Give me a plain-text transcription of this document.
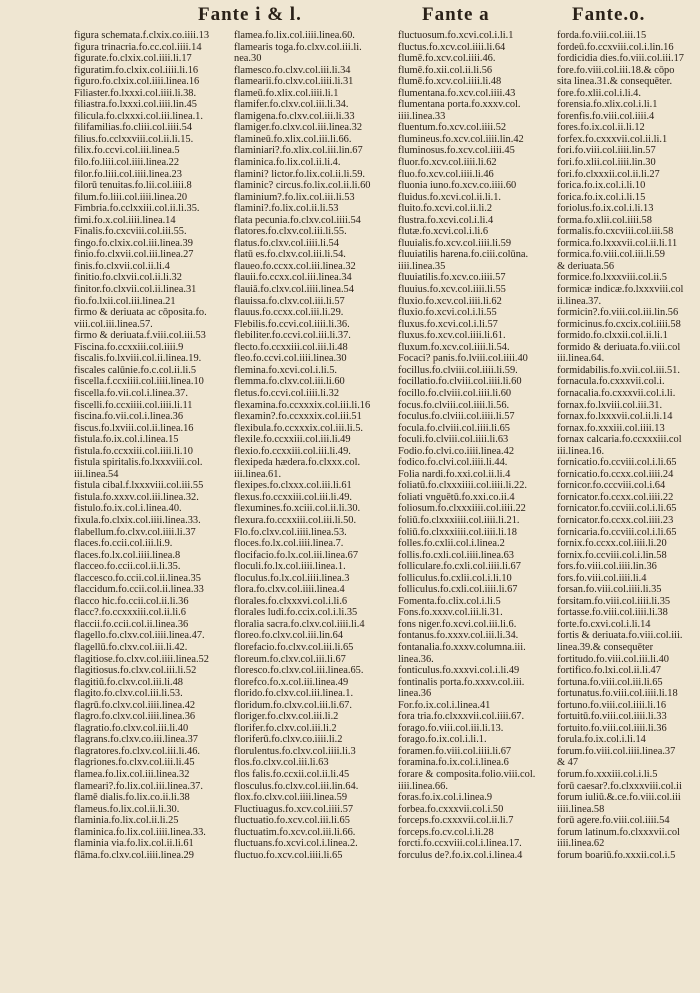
Fante i & l.	Fante a	Fante.o.
figura schemata.f.clxix.co.iiii.13
figura trinacria.fo.cc.col.iiii.14
figurate.fo.clxix.col.iiii.li.17
figuratim.fo.clxix.col.iiii.li.16
figuro.fo.clxix.col.iiii.linea.16
Filiaster.fo.lxxxi.col.iiii.li.38.
filiastra.fo.lxxxi.col.iiii.lin.45
filicula.fo.clxxxi.col.iii.linea.1.
filifamilias.fo.cliii.col.iiii.54
filius.fo.cclxxviii.col.ii.li.15.
filix.fo.ccvi.col.iii.linea.5
filo.fo.liii.col.iiii.linea.22
filor.fo.liii.col.iiii.linea.23
filorū tenuitas.fo.lii.col.iiii.8
filum.fo.liii.col.iiii.linea.20
Fimbria.fo.cclxxiii.col.ii.li.35.
fimi.fo.x.col.iiii.linea.14
Finalis.fo.cxcviii.col.iii.55.
fingo.fo.clxix.col.iii.linea.39
finio.fo.clxvii.col.iii.linea.27
finis.fo.clxvii.col.ii.li.4
finitio.fo.clxvii.col.ii.li.32
finitor.fo.clxvii.col.ii.linea.31
fio.fo.lxii.col.iii.linea.21
firmo & deriuata ac cōposita.fo.
viii.col.iii.linea.57.
firmo & deriuata.f.viii.col.iii.53
Fiscina.fo.ccxxiii.col.iiii.9
fiscalis.fo.lxviii.col.ii.linea.19.
fiscales calūnie.fo.c.col.ii.li.5
fiscella.f.ccxiiii.col.iiii.linea.10
fiscella.fo.vii.col.i.linea.37.
fiscelli.fo.ccxiiii.col.iiii.li.11
fiscina.fo.vii.col.i.linea.36
fiscus.fo.lxviii.col.ii.linea.16
fistula.fo.ix.col.i.linea.15
fistula.fo.ccxxiii.col.iiii.li.10
fistula spiritalis.fo.lxxxviii.col.
iii.linea.54
fistula cibal.f.lxxxviii.col.iii.55
fistula.fo.xxxv.col.iii.linea.32.
fistulo.fo.ix.col.i.linea.40.
fixula.fo.clxix.col.iiii.linea.33.
flabellum.fo.clxv.col.iiii.li.37
flaces.fo.ccii.col.iii.li.9.
flaces.fo.lx.col.iiii.linea.8
flacceo.fo.ccii.col.ii.li.35.
flaccesco.fo.ccii.col.ii.linea.35
flaccidum.fo.ccii.col.ii.linea.33
flacco hic.fo.ccii.col.ii.li.36
flacc?.fo.ccxxxiii.col.ii.li.6
flaccii.fo.ccii.col.ii.linea.36
flagello.fo.clxv.col.iiii.linea.47.
flagellū.fo.clxv.col.iii.li.42.
flagitiose.fo.clxv.col.iiii.linea.52
flagitiosus.fo.clxv.col.iii.li.52
flagitiū.fo.clxv.col.iii.li.48
flagito.fo.clxv.col.iii.li.53.
flagrū.fo.clxv.col.iiii.linea.42
flagro.fo.clxv.col.iiii.linea.36
flagratio.fo.clxv.col.iii.li.40
flagrans.fo.clxv.co.iii.linea.37
flagratores.fo.clxv.col.iii.li.46.
flagriones.fo.clxv.col.iii.li.45
flamea.fo.lix.col.iii.linea.32
flameari?.fo.lix.col.iii.linea.37.
flamē dialis.fo.lix.co.ii.li.38
flameus.fo.lix.col.ii.li.30.
flaminia.fo.lix.col.ii.li.25
flaminica.fo.lix.col.iiii.linea.33.
flaminia via.fo.lix.col.ii.li.61
flāma.fo.clxv.col.iiii.linea.29
flamea.fo.lix.col.iiii.linea.60.
flamearis toga.fo.clxv.col.iii.li.
nea.30
flamesco.fo.clxv.col.iii.li.34
flamearii.fo.clxv.col.iiii.li.31
flameū.fo.xlix.col.iiii.li.1
flamifer.fo.clxv.col.iii.li.34.
flamigena.fo.clxv.col.iii.li.33
flamiger.fo.clxv.col.iii.linea.32
flamineū.fo.xlix.col.iii.li.66.
flaminiari?.fo.xlix.col.iii.lin.67
flaminica.fo.lix.col.ii.li.4.
flamini? lictor.fo.lix.col.ii.li.59.
flaminic? circus.fo.lix.col.ii.li.60
flaminium?.fo.lix.col.iii.li.53
flamini?.fo.lix.col.ii.li.53
flata pecunia.fo.clxv.col.iiii.54
flatores.fo.clxv.col.iii.li.55.
flatus.fo.clxv.col.iiii.li.54
flatū es.fo.clxv.col.iii.li.54.
flaueo.fo.ccxx.col.iii.linea.32
flauii.fo.ccxx.col.iii.linea.34
flauiā.fo.clxv.col.iiii.linea.54
flauissa.fo.clxv.col.iii.li.57
flauus.fo.ccxx.col.iii.li.29.
Flebilis.fo.ccvi.col.iiii.li.36.
flebiliter.fo.ccvi.col.iii.li.37.
flecto.fo.ccxxiii.col.iii.li.48
fleo.fo.ccvi.col.iiii.linea.30
flemina.fo.xcvi.col.i.li.5.
flemma.fo.clxv.col.iii.li.60
fletus.fo.ccvi.col.iiii.li.32
flexamina.fo.ccxxxix.col.iii.li.16
flexamin?.fo.ccxxxix.col.iii.51
flexibula.fo.ccxxxix.col.iii.li.5.
flexile.fo.ccxxiii.col.iii.li.49
flexio.fo.ccxxiii.col.iii.li.49.
flexipeda hædera.fo.clxxx.col.
iii.linea.61.
flexipes.fo.clxxx.col.iii.li.61
flexus.fo.ccxxiii.col.iii.li.49.
flexumines.fo.xciii.col.ii.li.30.
flexura.fo.ccxxiii.col.iii.li.50.
Flo.fo.clxv.col.iiii.linea.53.
floces.fo.lx.col.iiii.linea.7.
flocifacio.fo.lx.col.iii.linea.67
floculi.fo.lx.col.iiii.linea.1.
floculus.fo.lx.col.iiii.linea.3
flora.fo.clxv.col.iiii.linea.4
florales.fo.clxxxvi.col.i.li.6
florales ludi.fo.ccix.col.i.li.35
floralia sacra.fo.clxv.col.iiii.li.4
floreo.fo.clxv.col.iii.lin.64
florefacio.fo.clxv.col.iii.li.65
floreum.fo.clxv.col.iii.li.67
floresco.fo.clxv.col.iii.linea.65.
florefco.fo.x.col.iii.linea.49
florido.fo.clxv.col.iii.linea.1.
floridum.fo.clxv.col.iii.li.67.
floriger.fo.clxv.col.iii.li.2
florifer.fo.clxv.col.iii.li.2
floriferū.fo.clxv.co.iiii.li.2
florulentus.fo.clxv.col.iiii.li.3
flos.fo.clxv.col.iii.li.63
flos falis.fo.ccxii.col.ii.li.45
flosculus.fo.clxv.col.iii.lin.64.
flox.fo.clxv.col.iiii.linea.59
Fluctiuagus.fo.xcv.col.iiii.57
fluctuatio.fo.xcv.col.iii.li.65
fluctuatim.fo.xcv.col.iii.li.66.
fluctuans.fo.xcvi.col.i.linea.2.
fluctuo.fo.xcv.col.iiii.li.65
fluctuosum.fo.xcvi.col.i.li.1
fluctus.fo.xcv.col.iiii.li.64
flumē.fo.xcv.col.iiii.46.
flumē.fo.xii.col.ii.li.56
flumē.fo.xcv.col.iiii.li.48
flumentana.fo.xcv.col.iiii.43
flumentana porta.fo.xxxv.col.
iiii.linea.33
fluentum.fo.xcv.col.iiii.52
flumineus.fo.xcv.col.iiii.lin.42
fluminosus.fo.xcv.col.iiii.45
fluor.fo.xcv.col.iiii.li.62
fluo.fo.xcv.col.iiii.li.46
fluonia iuno.fo.xcv.co.iiii.60
fluidus.fo.xcvi.col.ii.li.1.
fluito.fo.xcvi.col.ii.li.2
flustra.fo.xcvi.col.i.li.4
flutæ.fo.xcvi.col.i.li.6
fluuialis.fo.xcv.col.iiii.li.59
fluuiatilis harena.fo.ciii.colūna.
iiii.linea.35
fluuiatilis.fo.xcv.co.iiii.57
fluuius.fo.xcv.col.iiii.li.55
fluxio.fo.xcv.col.iiii.li.62
fluxio.fo.xcvi.col.i.li.55
fluxus.fo.xcvi.col.i.li.57
fluxus.fo.xcv.col.iiii.li.61.
fluxum.fo.xcv.col.iiii.li.54.
Focaci? panis.fo.lviii.col.iiii.40
focillus.fo.clviii.col.iiii.li.59.
focillatio.fo.clviii.col.iiii.li.60
focillo.fo.clviii.col.iiii.li.60
focus.fo.clviii.col.iiii.li.56.
foculus.fo.clviii.col.iiii.li.57
focula.fo.clviii.col.iiii.li.65
foculi.fo.clviii.col.iiii.li.63
Fodio.fo.clvi.co.iiii.linea.42
fodico.fo.clvi.col.iiii.li.44.
Folia nardi.fo.xxi.col.ii.li.4
foliatū.fo.clxxxiiii.col.iiii.li.22.
foliati vnguētū.fo.xxi.co.ii.4
foliosum.fo.clxxxiiii.col.iiii.22
foliū.fo.clxxxiiii.col.iiii.li.21.
foliū.fo.clxxxiiii.col.iiii.li.18
folles.fo.cxlii.col.i.linea.2
follis.fo.cxli.col.iiii.linea.63
folliculare.fo.cxli.col.iiii.li.67
folliculus.fo.cxlii.col.i.li.10
folliculus.fo.cxli.col.iiii.li.67
Fomenta.fo.clix.col.i.li.5
Fons.fo.xxxv.col.iii.li.31.
fons niger.fo.xcvi.col.iii.li.6.
fontanus.fo.xxxv.col.iii.li.34.
fontanalia.fo.xxxv.columna.iii.
linea.36.
fonticulus.fo.xxxvi.col.i.li.49
fontinalis porta.fo.xxxv.col.iii.
linea.36
For.fo.ix.col.i.linea.41
fora tria.fo.clxxxvii.col.iiii.67.
forago.fo.viii.col.iii.li.13.
forago.fo.ix.col.i.li.1.
foramen.fo.viii.col.iiii.li.67
foramina.fo.ix.col.i.linea.6
forare & composita.folio.viii.col.
iiii.linea.66.
foras.fo.ix.col.i.linea.9
forbea.fo.cxxxvii.col.i.50
forceps.fo.cxxxvii.col.ii.li.7
forceps.fo.cv.col.i.li.28
forcti.fo.ccxviii.col.i.linea.17.
forculus de?.fo.ix.col.i.linea.4
forda.fo.viii.col.iii.15
fordeū.fo.ccxviii.col.i.lin.16
fordicidia dies.fo.viii.col.iii.17
fore.fo.viii.col.iii.18.& cōpo
sita linea.31.& consequēter.
fore.fo.xlii.col.i.li.4.
forensia.fo.xlix.col.i.li.1
forenfis.fo.viii.col.iiii.4
fores.fo.ix.col.ii.li.12
forfex.fo.cxxxvii.col.ii.li.1
fori.fo.viii.col.iiii.lin.57
fori.fo.xlii.col.iiii.lin.30
fori.fo.clxxxii.col.ii.li.27
forica.fo.ix.col.i.li.10
forica.fo.ix.col.i.li.15
foriolus.fo.ix.col.i.li.13
forma.fo.xlii.col.iiii.58
formalis.fo.cxcviii.col.iii.58
formica.fo.lxxxvii.col.ii.li.11
formica.fo.viii.col.iii.li.59
& deriuata.56
formice.fo.lxxxviii.col.ii.5
formicæ indicæ.fo.lxxxviii.col
ii.linea.37.
formicin?.fo.viii.col.iii.lin.56
formicinus.fo.cxcix.col.iiii.58
formido.fo.clxxii.col.ii.li.1
formido & deriuata.fo.viii.col
iii.linea.64.
formidabilis.fo.xvii.col.iii.51.
fornacula.fo.cxxxvii.col.i.
fornacalia.fo.cxxxvii.col.i.li.
fornax.fo.lxviii.col.iii.31.
fornax.fo.lxxxvii.col.ii.li.14
fornax.fo.xxxiii.col.iiii.13
fornax calcaria.fo.ccxxxiii.col
iii.linea.16.
fornicatio.fo.ccviii.col.i.li.65
fornicatio.fo.ccxx.col.iiii.24
fornicor.fo.cccviii.col.i.64
fornicator.fo.ccxx.col.iiii.22
fornicator.fo.ccviii.col.i.li.65
fornicator.fo.ccxx.col.iiii.23
fornicaria.fo.ccviii.col.i.li.65
fornix.fo.ccxx.col.iiii.li.20
fornix.fo.ccviii.col.i.lin.58
fors.fo.viii.col.iiii.lin.36
fors.fo.viii.col.iiii.li.4
forsan.fo.viii.col.iiii.li.35
forsitam.fo.viii.col.iiii.li.35
fortasse.fo.viii.col.iiii.li.38
forte.fo.cxvi.col.i.li.14
fortis & deriuata.fo.viii.col.iii.
linea.39.& consequēter
fortitudo.fo.viii.col.iii.li.40
fortifico.fo.lxi.col.ii.li.47
fortuna.fo.viii.col.iii.li.65
fortunatus.fo.viii.col.iiii.li.18
fortuno.fo.viii.col.iiii.li.16
fortuitū.fo.viii.col.iiii.li.33
fortuito.fo.viii.col.iiii.li.36
forula.fo.ix.col.i.li.14
forum.fo.viii.col.iiii.linea.37
& 47
forum.fo.xxxiii.col.i.li.5
forū caesar?.fo.clxxxviii.col.ii
forum iuliū.&.ce.fo.viii.col.iii
iiii.linea.58
forū agere.fo.viii.col.iiii.54
forum latinum.fo.clxxxvii.col
iiii.linea.62
forum boariū.fo.xxxii.col.i.5
